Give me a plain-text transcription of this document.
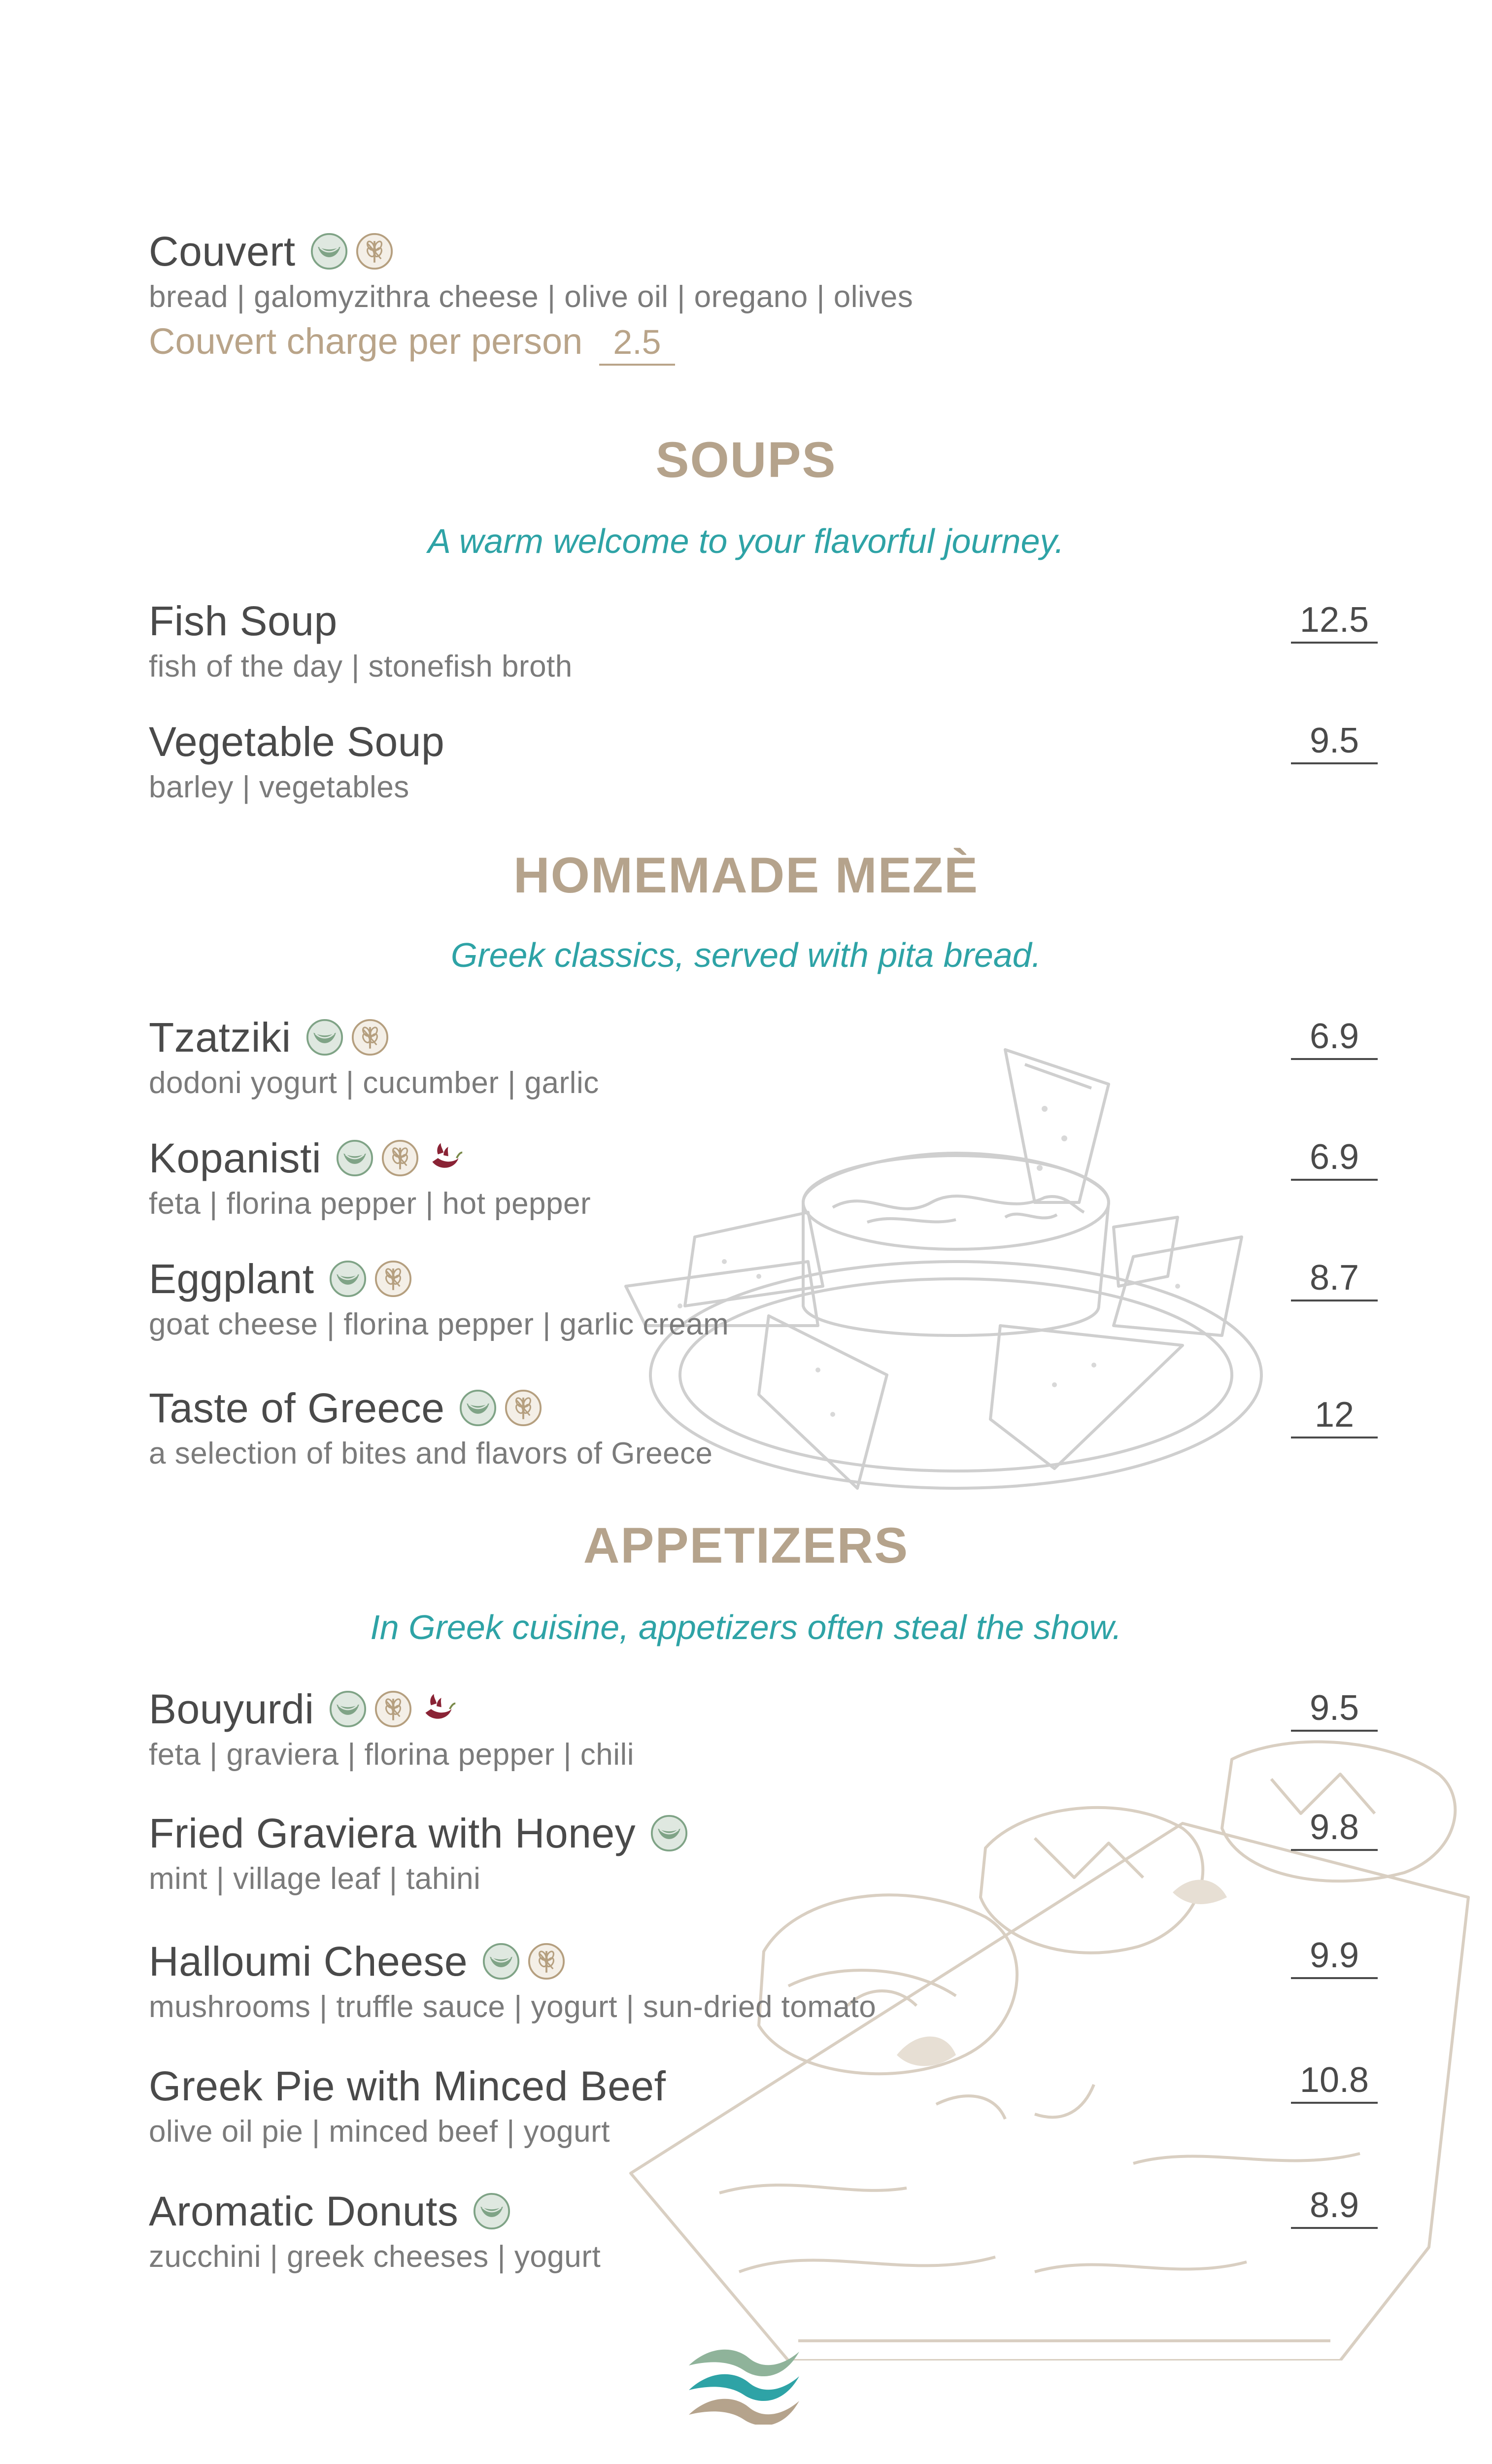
Couvert
bread | galomyzithra cheese | olive oil | oregano | olives
Couvert charge per person 2.5
SOUPS
A warm welcome to your flavorful journey.
Fish Soup
fish of the day | stonefish broth
12.5
Vegetable Soup
barley | vegetables
9.5
HOMEMADE MEZÈ
Greek classics, served with pita bread.
Tzatziki
dodoni yogurt | cucumber | garlic
6.9
Kopanisti
feta | florina pepper | hot pepper
6.9
Eggplant
goat cheese | florina pepper | garlic cream
8.7
Taste of Greece
a selection of bites and flavors of Greece
12
APPETIZERS
In Greek cuisine, appetizers often steal the show.
Bouyurdi
feta | graviera | florina pepper | chili
9.5
Fried Graviera with Honey
mint | village leaf | tahini
9.8
Halloumi Cheese
mushrooms | truffle sauce | yogurt | sun-dried tomato
9.9
Greek Pie with Minced Beef
olive oil pie | minced beef | yogurt
10.8
Aromatic Donuts
zucchini | greek cheeses | yogurt
8.9
